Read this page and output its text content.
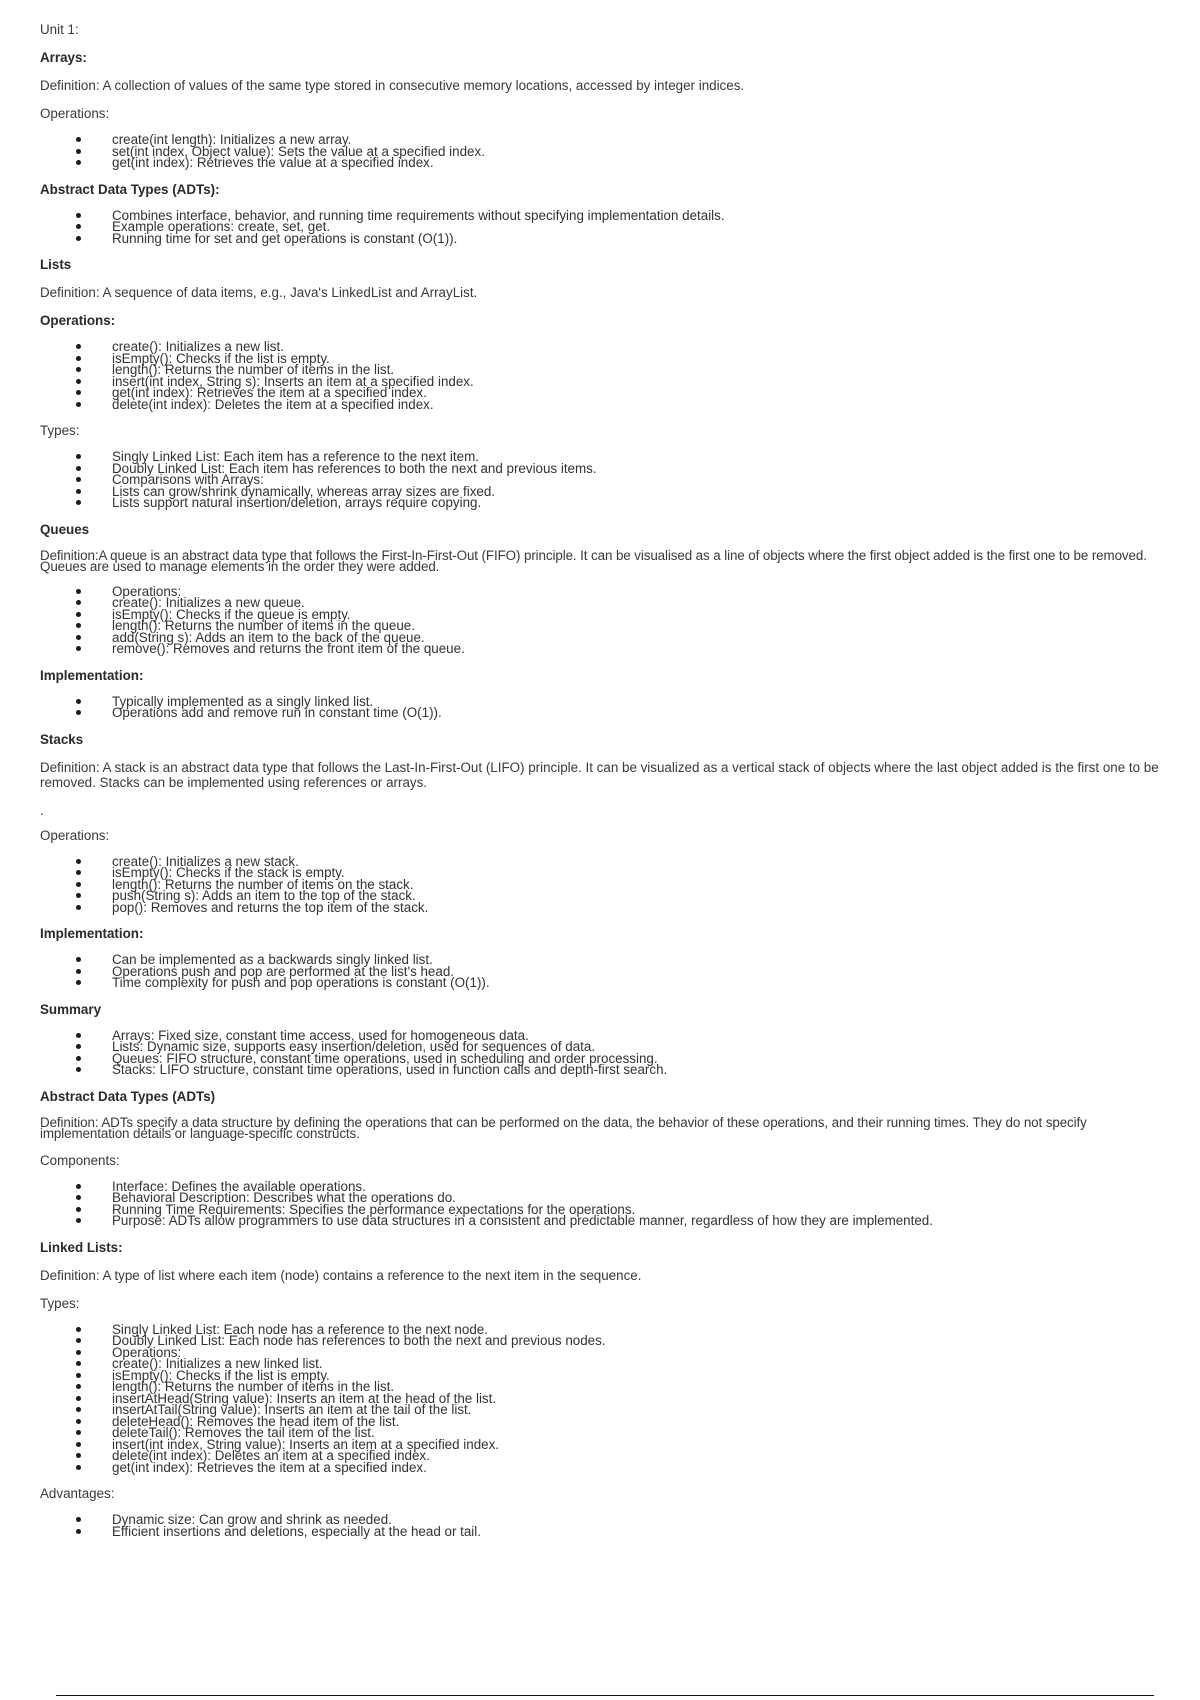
Unit 1:
Arrays:
Definition: A collection of values of the same type stored in consecutive memory locations, accessed by integer indices.
Operations:
create(int length): Initializes a new array.
set(int index, Object value): Sets the value at a specified index.
get(int index): Retrieves the value at a specified index.
Abstract Data Types (ADTs):
Combines interface, behavior, and running time requirements without specifying implementation details.
Example operations: create, set, get.
Running time for set and get operations is constant (O(1)).
Lists
Definition: A sequence of data items, e.g., Java's LinkedList and ArrayList.
Operations:
create(): Initializes a new list.
isEmpty(): Checks if the list is empty.
length(): Returns the number of items in the list.
insert(int index, String s): Inserts an item at a specified index.
get(int index): Retrieves the item at a specified index.
delete(int index): Deletes the item at a specified index.
Types:
Singly Linked List: Each item has a reference to the next item.
Doubly Linked List: Each item has references to both the next and previous items.
Comparisons with Arrays:
Lists can grow/shrink dynamically, whereas array sizes are fixed.
Lists support natural insertion/deletion, arrays require copying.
Queues
Definition:A queue is an abstract data type that follows the First-In-First-Out (FIFO) principle. It can be visualised as a line of objects where the first object added is the first one to be removed. Queues are used to manage elements in the order they were added.
Operations:
create(): Initializes a new queue.
isEmpty(): Checks if the queue is empty.
length(): Returns the number of items in the queue.
add(String s): Adds an item to the back of the queue.
remove(): Removes and returns the front item of the queue.
Implementation:
Typically implemented as a singly linked list.
Operations add and remove run in constant time (O(1)).
Stacks
Definition: A stack is an abstract data type that follows the Last-In-First-Out (LIFO) principle. It can be visualized as a vertical stack of objects where the last object added is the first one to be removed. Stacks can be implemented using references or arrays.
.
Operations:
create(): Initializes a new stack.
isEmpty(): Checks if the stack is empty.
length(): Returns the number of items on the stack.
push(String s): Adds an item to the top of the stack.
pop(): Removes and returns the top item of the stack.
Implementation:
Can be implemented as a backwards singly linked list.
Operations push and pop are performed at the list's head.
Time complexity for push and pop operations is constant (O(1)).
Summary
Arrays: Fixed size, constant time access, used for homogeneous data.
Lists: Dynamic size, supports easy insertion/deletion, used for sequences of data.
Queues: FIFO structure, constant time operations, used in scheduling and order processing.
Stacks: LIFO structure, constant time operations, used in function calls and depth-first search.
Abstract Data Types (ADTs)
Definition: ADTs specify a data structure by defining the operations that can be performed on the data, the behavior of these operations, and their running times. They do not specify implementation details or language-specific constructs.
Components:
Interface: Defines the available operations.
Behavioral Description: Describes what the operations do.
Running Time Requirements: Specifies the performance expectations for the operations.
Purpose: ADTs allow programmers to use data structures in a consistent and predictable manner, regardless of how they are implemented.
Linked Lists:
Definition: A type of list where each item (node) contains a reference to the next item in the sequence.
Types:
Singly Linked List: Each node has a reference to the next node.
Doubly Linked List: Each node has references to both the next and previous nodes.
Operations:
create(): Initializes a new linked list.
isEmpty(): Checks if the list is empty.
length(): Returns the number of items in the list.
insertAtHead(String value): Inserts an item at the head of the list.
insertAtTail(String value): Inserts an item at the tail of the list.
deleteHead(): Removes the head item of the list.
deleteTail(): Removes the tail item of the list.
insert(int index, String value): Inserts an item at a specified index.
delete(int index): Deletes an item at a specified index.
get(int index): Retrieves the item at a specified index.
Advantages:
Dynamic size: Can grow and shrink as needed.
Efficient insertions and deletions, especially at the head or tail.
